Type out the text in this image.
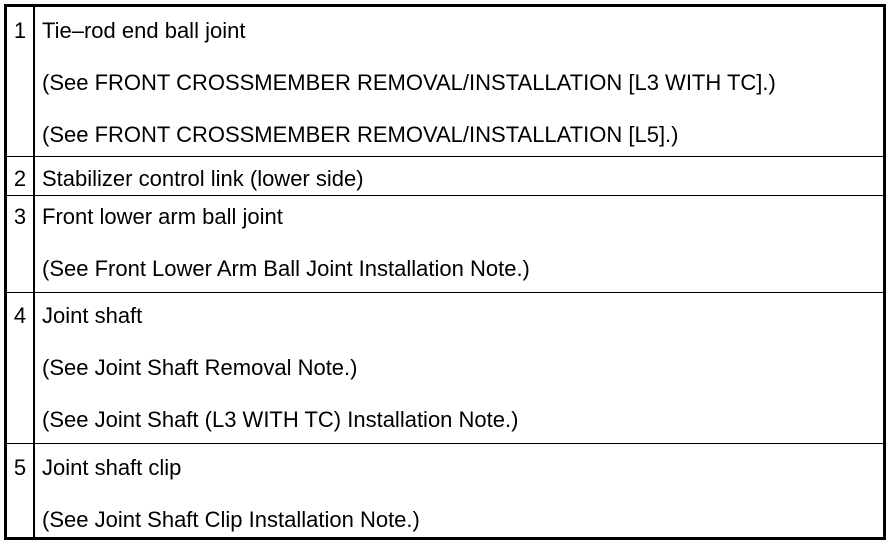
1	Tie–rod end ball joint
(See FRONT CROSSMEMBER REMOVAL/INSTALLATION [L3 WITH TC].)
(See FRONT CROSSMEMBER REMOVAL/INSTALLATION [L5].)

2	Stabilizer control link (lower side)

3	Front lower arm ball joint
(See Front Lower Arm Ball Joint Installation Note.)

4	Joint shaft
(See Joint Shaft Removal Note.)
(See Joint Shaft (L3 WITH TC) Installation Note.)

5	Joint shaft clip
(See Joint Shaft Clip Installation Note.)
